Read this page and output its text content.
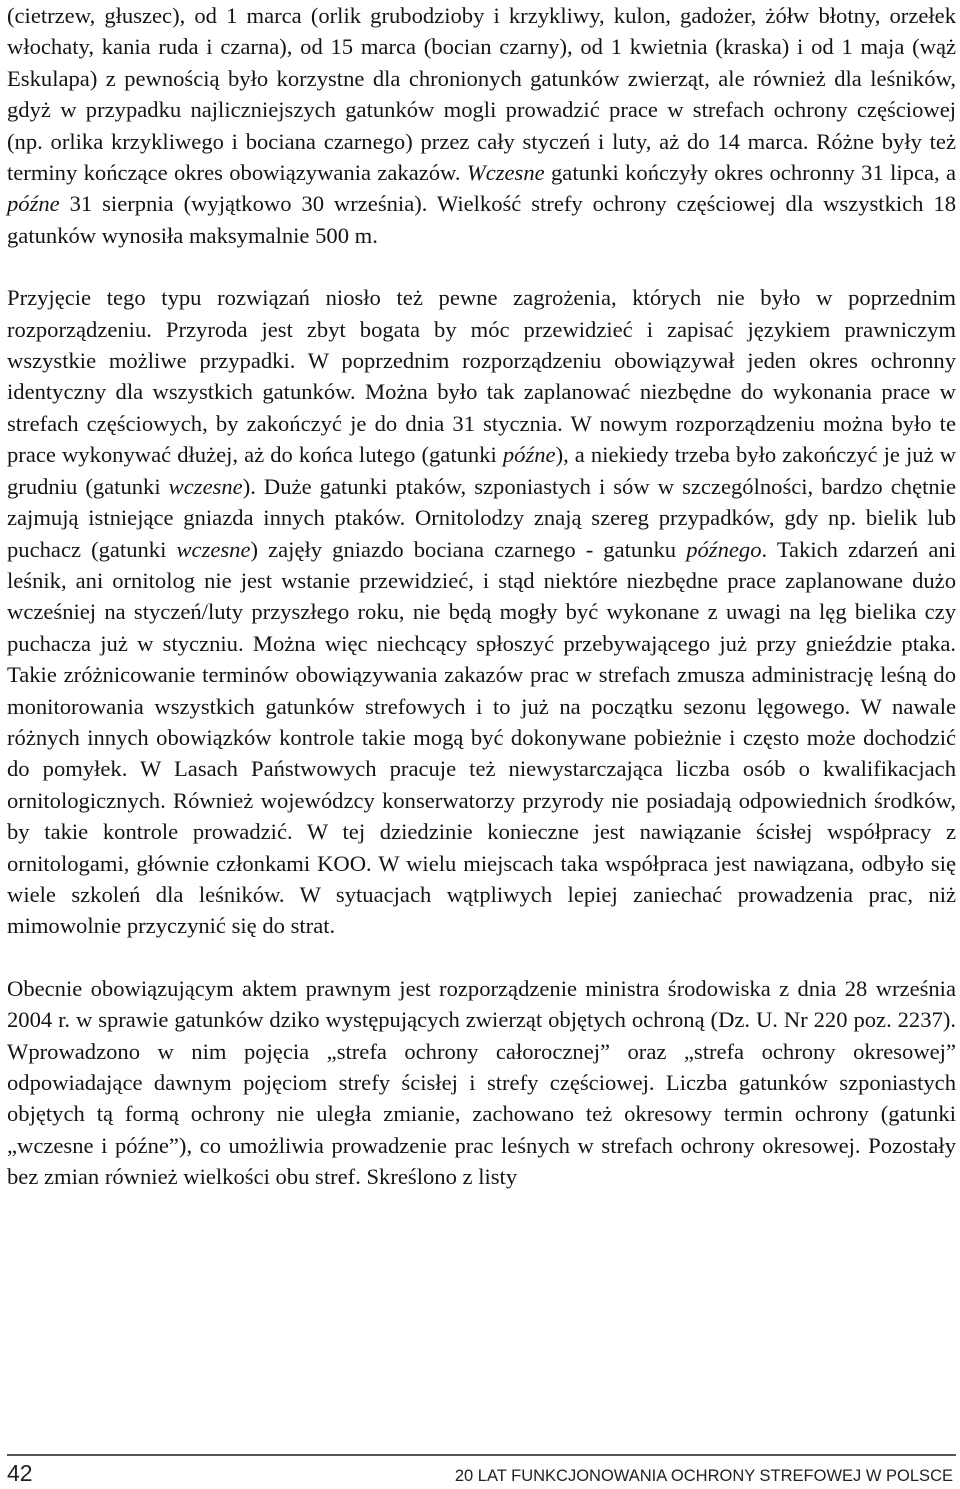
(cietrzew, głuszec), od 1 marca (orlik grubodzioby i krzykliwy, kulon, gadożer, żółw błotny, orzełek włochaty, kania ruda i czarna), od 15 marca (bocian czarny), od 1 kwietnia (kraska) i od 1 maja (wąż Eskulapa) z pewnością było korzystne dla chronionych gatunków zwierząt, ale również dla leśników, gdyż w przypadku najliczniejszych gatunków mogli prowadzić prace w strefach ochrony częściowej (np. orlika krzykliwego i bociana czarnego) przez cały styczeń i luty, aż do 14 marca. Różne były też terminy kończące okres obowiązywania zakazów. Wczesne gatunki kończyły okres ochronny 31 lipca, a późne 31 sierpnia (wyjątkowo 30 września). Wielkość strefy ochrony częściowej dla wszystkich 18 gatunków wynosiła maksymalnie 500 m.

Przyjęcie tego typu rozwiązań niosło też pewne zagrożenia, których nie było w poprzednim rozporządzeniu. Przyroda jest zbyt bogata by móc przewidzieć i zapisać językiem prawniczym wszystkie możliwe przypadki. W poprzednim rozporządzeniu obowiązywał jeden okres ochronny identyczny dla wszystkich gatunków. Można było tak zaplanować niezbędne do wykonania prace w strefach częściowych, by zakończyć je do dnia 31 stycznia. W nowym rozporządzeniu można było te prace wykonywać dłużej, aż do końca lutego (gatunki późne), a niekiedy trzeba było zakończyć je już w grudniu (gatunki wczesne). Duże gatunki ptaków, szponiastych i sów w szczególności, bardzo chętnie zajmują istniejące gniazda innych ptaków. Ornitolodzy znają szereg przypadków, gdy np. bielik lub puchacz (gatunki wczesne) zajęły gniazdo bociana czarnego - gatunku późnego. Takich zdarzeń ani leśnik, ani ornitolog nie jest wstanie przewidzieć, i stąd niektóre niezbędne prace zaplanowane dużo wcześniej na styczeń/luty przyszłego roku, nie będą mogły być wykonane z uwagi na lęg bielika czy puchacza już w styczniu. Można więc niechcący spłoszyć przebywającego już przy gnieździe ptaka. Takie zróżnicowanie terminów obowiązywania zakazów prac w strefach zmusza administrację leśną do monitorowania wszystkich gatunków strefowych i to już na początku sezonu lęgowego. W nawale różnych innych obowiązków kontrole takie mogą być dokonywane pobieżnie i często może dochodzić do pomyłek. W Lasach Państwowych pracuje też niewystarczająca liczba osób o kwalifikacjach ornitologicznych. Również wojewódzcy konserwatorzy przyrody nie posiadają odpowiednich środków, by takie kontrole prowadzić. W tej dziedzinie konieczne jest nawiązanie ścisłej współpracy z ornitologami, głównie członkami KOO. W wielu miejscach taka współpraca jest nawiązana, odbyło się wiele szkoleń dla leśników. W sytuacjach wątpliwych lepiej zaniechać prowadzenia prac, niż mimowolnie przyczynić się do strat.

Obecnie obowiązującym aktem prawnym jest rozporządzenie ministra środowiska z dnia 28 września 2004 r. w sprawie gatunków dziko występujących zwierząt objętych ochroną (Dz. U. Nr 220 poz. 2237). Wprowadzono w nim pojęcia „strefa ochrony całorocznej” oraz „strefa ochrony okresowej” odpowiadające dawnym pojęciom strefy ścisłej i strefy częściowej. Liczba gatunków szponiastych objętych tą formą ochrony nie uległa zmianie, zachowano też okresowy termin ochrony (gatunki „wczesne i późne”), co umożliwia prowadzenie prac leśnych w strefach ochrony okresowej. Pozostały bez zmian również wielkości obu stref. Skreślono z listy

42	20 LAT FUNKCJONOWANIA OCHRONY STREFOWEJ W POLSCE
